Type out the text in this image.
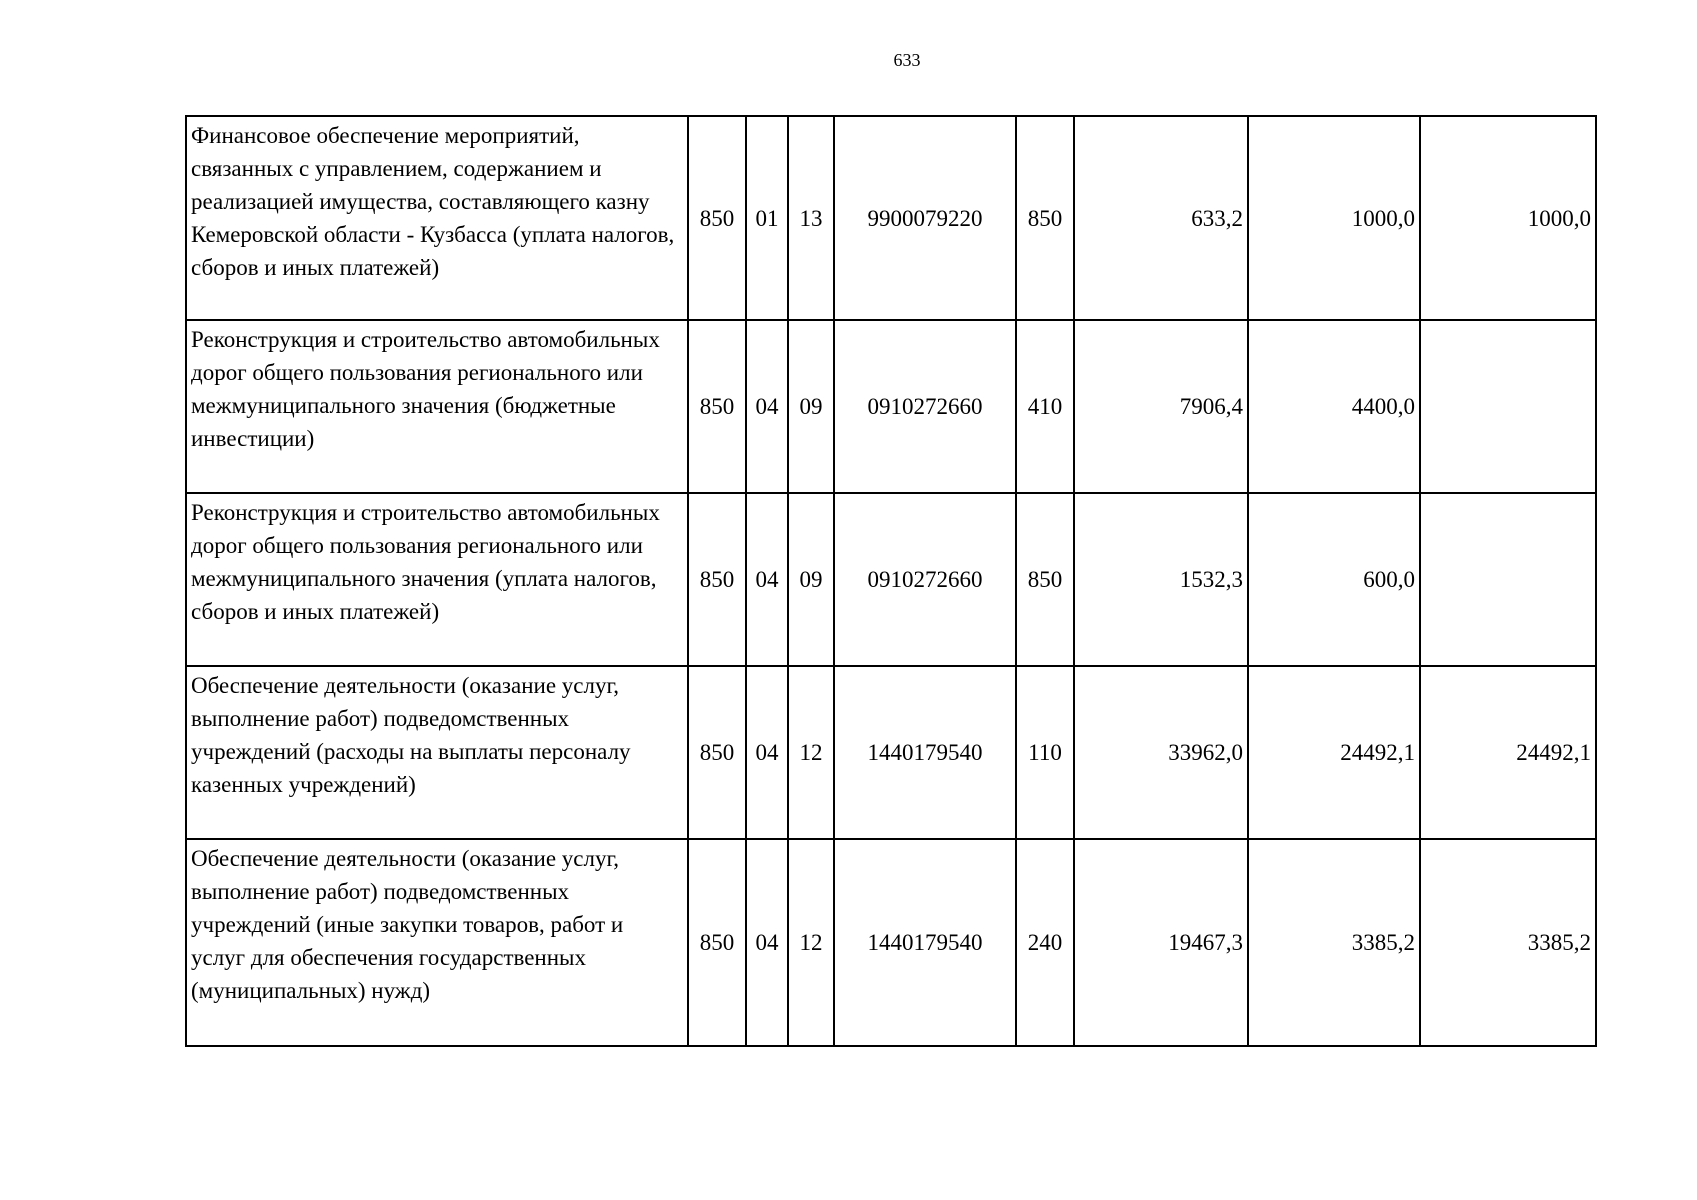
633
Финансовое обеспечение мероприятий, связанных с управлением, содержанием и реализацией имущества, составляющего казну Кемеровской области - Кузбасса (уплата налогов, сборов и иных платежей)	850	01	13	9900079220	850	633,2	1000,0	1000,0
Реконструкция и строительство автомобильных дорог общего пользования регионального или межмуниципального значения (бюджетные инвестиции)	850	04	09	0910272660	410	7906,4	4400,0	
Реконструкция и строительство автомобильных дорог общего пользования регионального или межмуниципального значения (уплата налогов, сборов и иных платежей)	850	04	09	0910272660	850	1532,3	600,0	
Обеспечение деятельности (оказание услуг, выполнение работ) подведомственных учреждений (расходы на выплаты персоналу казенных учреждений)	850	04	12	1440179540	110	33962,0	24492,1	24492,1
Обеспечение деятельности (оказание услуг, выполнение работ) подведомственных учреждений (иные закупки товаров, работ и услуг для обеспечения государственных (муниципальных) нужд)	850	04	12	1440179540	240	19467,3	3385,2	3385,2
